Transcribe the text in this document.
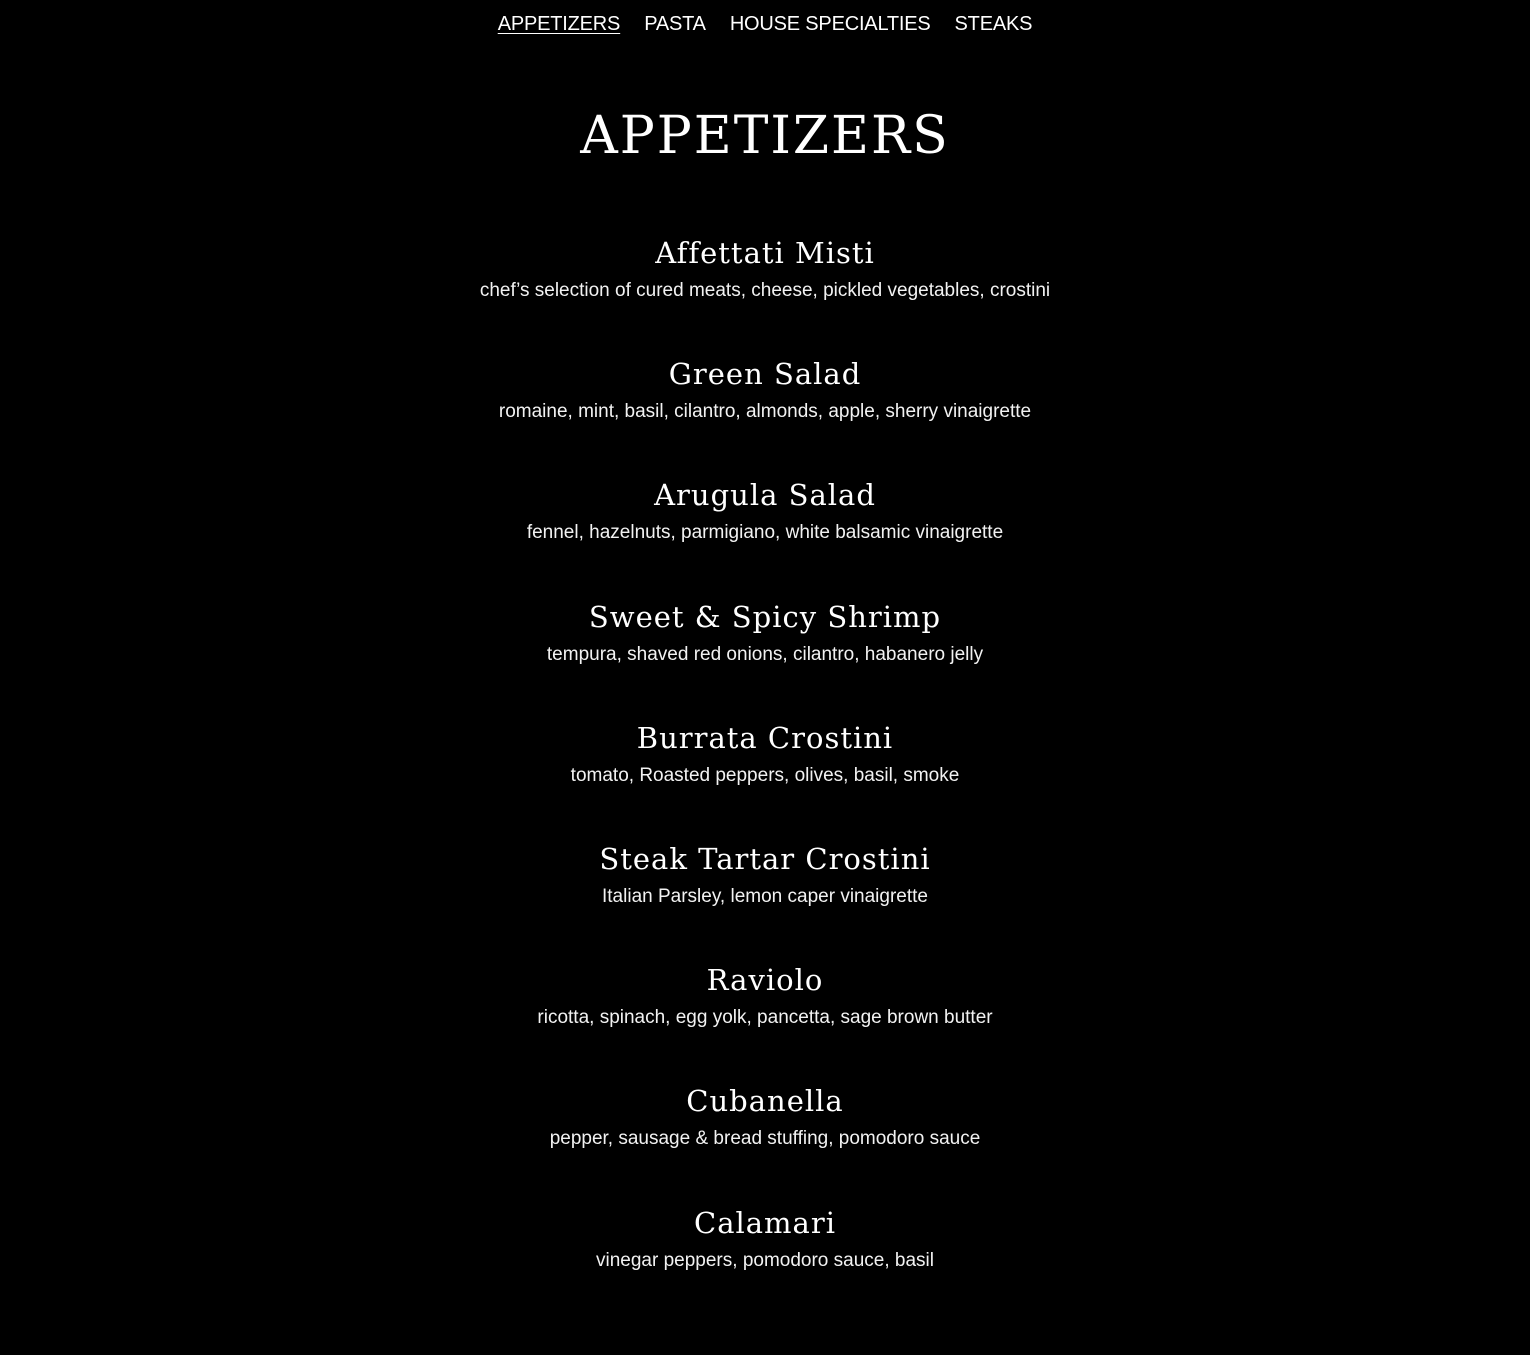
APPETIZERS PASTA HOUSE SPECIALTIES STEAKS
APPETIZERS
Affettati Misti

chef’s selection of cured meats, cheese, pickled vegetables, crostini

Green Salad

romaine, mint, basil, cilantro, almonds, apple, sherry vinaigrette

Arugula Salad

fennel, hazelnuts, parmigiano, white balsamic vinaigrette

Sweet & Spicy Shrimp

tempura, shaved red onions, cilantro, habanero jelly

Burrata Crostini

tomato, Roasted peppers, olives, basil, smoke

Steak Tartar Crostini

Italian Parsley, lemon caper vinaigrette

Raviolo

ricotta, spinach, egg yolk, pancetta, sage brown butter

Cubanella

pepper, sausage & bread stuffing, pomodoro sauce

Calamari

vinegar peppers, pomodoro sauce, basil
